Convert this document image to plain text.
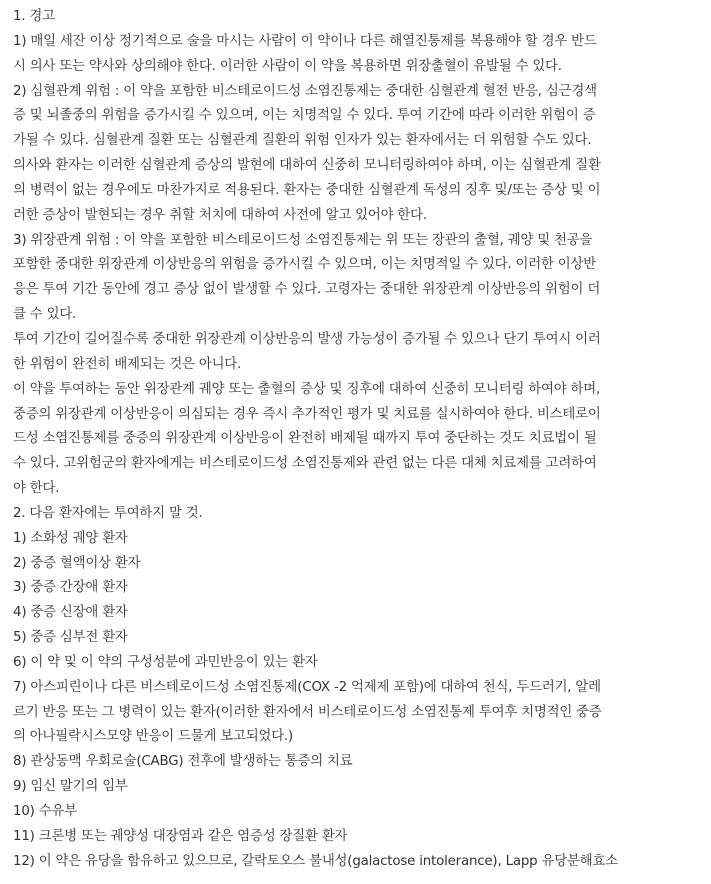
1. 경고
1) 매일 세잔 이상 정기적으로 술을 마시는 사람이 이 약이나 다른 해열진통제를 복용해야 할 경우 반드
시 의사 또는 약사와 상의해야 한다. 이러한 사람이 이 약을 복용하면 위장출혈이 유발될 수 있다.
2) 심혈관계 위험 : 이 약을 포함한 비스테로이드성 소염진통제는 중대한 심혈관계 혈전 반응, 심근경색
증 및 뇌졸중의 위험을 증가시킬 수 있으며, 이는 치명적일 수 있다. 투여 기간에 따라 이러한 위험이 증
가될 수 있다. 심혈관계 질환 또는 심혈관계 질환의 위험 인자가 있는 환자에서는 더 위험할 수도 있다.
의사와 환자는 이러한 심혈관계 증상의 발현에 대하여 신중히 모니터링하여야 하며, 이는 심혈관계 질환
의 병력이 없는 경우에도 마찬가지로 적용된다. 환자는 중대한 심혈관계 독성의 징후 및/또는 증상 및 이
러한 증상이 발현되는 경우 취할 처치에 대하여 사전에 알고 있어야 한다.
3) 위장관계 위험 : 이 약을 포함한 비스테로이드성 소염진통제는 위 또는 장관의 출혈, 궤양 및 천공을
포함한 중대한 위장관계 이상반응의 위험을 증가시킬 수 있으며, 이는 치명적일 수 있다. 이러한 이상반
응은 투여 기간 동안에 경고 증상 없이 발생할 수 있다. 고령자는 중대한 위장관계 이상반응의 위험이 더
클 수 있다.
투여 기간이 길어질수록 중대한 위장관계 이상반응의 발생 가능성이 증가될 수 있으나 단기 투여시 이러
한 위험이 완전히 배제되는 것은 아니다.
이 약을 투여하는 동안 위장관계 궤양 또는 출혈의 증상 및 징후에 대하여 신중히 모니터링 하여야 하며,
중증의 위장관계 이상반응이 의심되는 경우 즉시 추가적인 평가 및 치료를 실시하여야 한다. 비스테로이
드성 소염진통제를 중증의 위장관계 이상반응이 완전히 배제될 때까지 투여 중단하는 것도 치료법이 될
수 있다. 고위험군의 환자에게는 비스테로이드성 소염진통제와 관련 없는 다른 대체 치료제를 고려하여
야 한다.
2. 다음 환자에는 투여하지 말 것.
1) 소화성 궤양 환자
2) 중증 혈액이상 환자
3) 중증 간장애 환자
4) 중증 신장애 환자
5) 중증 심부전 환자
6) 이 약 및 이 약의 구성성분에 과민반응이 있는 환자
7) 아스피린이나 다른 비스테로이드성 소염진통제(COX -2 억제제 포함)에 대하여 천식, 두드러기, 알레
르기 반응 또는 그 병력이 있는 환자(이러한 환자에서 비스테로이드성 소염진통제 투여후 치명적인 중증
의 아나필락시스모양 반응이 드물게 보고되었다.)
8) 관상동맥 우회로술(CABG) 전후에 발생하는 통증의 치료
9) 임신 말기의 임부
10) 수유부
11) 크론병 또는 궤양성 대장염과 같은 염증성 장질환 환자
12) 이 약은 유당을 함유하고 있으므로, 갈락토오스 불내성(galactose intolerance), Lapp 유당분해효소
